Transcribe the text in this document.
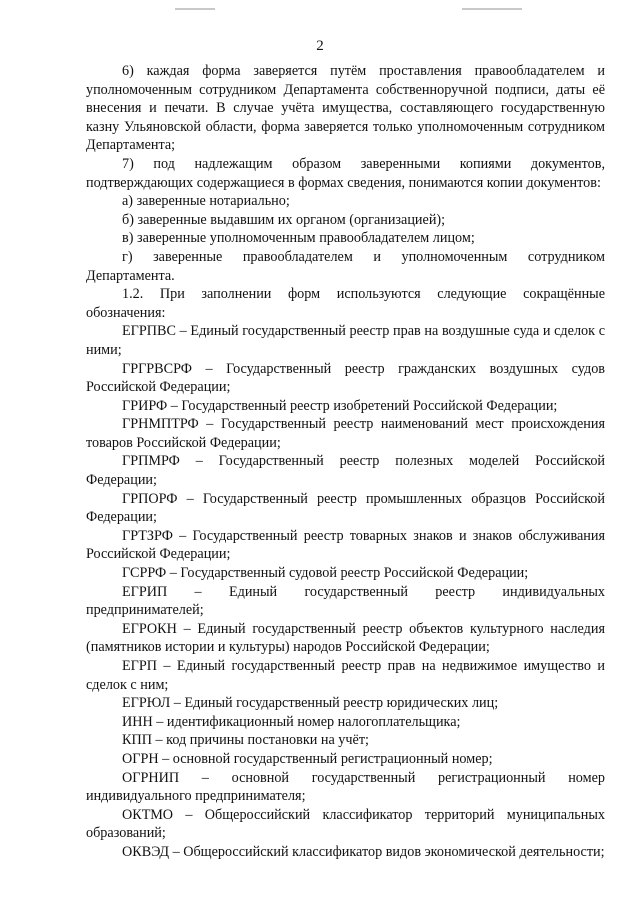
2

6) каждая форма заверяется путём проставления правообладателем и уполномоченным сотрудником Департамента собственноручной подписи, даты её внесения и печати. В случае учёта имущества, составляющего государственную казну Ульяновской области, форма заверяется только уполномоченным сотрудником Департамента;

7) под надлежащим образом заверенными копиями документов, подтверждающих содержащиеся в формах сведения, понимаются копии документов:

а) заверенные нотариально;

б) заверенные выдавшим их органом (организацией);

в) заверенные уполномоченным правообладателем лицом;

г) заверенные правообладателем и уполномоченным сотрудником Департамента.

1.2. При заполнении форм используются следующие сокращённые обозначения:

ЕГРПВС – Единый государственный реестр прав на воздушные суда и сделок с ними;

ГРГРВСРФ – Государственный реестр гражданских воздушных судов Российской Федерации;

ГРИРФ – Государственный реестр изобретений Российской Федерации;

ГРНМПТРФ – Государственный реестр наименований мест происхождения товаров Российской Федерации;

ГРПМРФ – Государственный реестр полезных моделей Российской Федерации;

ГРПОРФ – Государственный реестр промышленных образцов Российской Федерации;

ГРТЗРФ – Государственный реестр товарных знаков и знаков обслуживания Российской Федерации;

ГСРРФ – Государственный судовой реестр Российской Федерации;

ЕГРИП – Единый государственный реестр индивидуальных предпринимателей;

ЕГРОКН – Единый государственный реестр объектов культурного наследия (памятников истории и культуры) народов Российской Федерации;

ЕГРП – Единый государственный реестр прав на недвижимое имущество и сделок с ним;

ЕГРЮЛ – Единый государственный реестр юридических лиц;

ИНН – идентификационный номер налогоплательщика;

КПП – код причины постановки на учёт;

ОГРН – основной государственный регистрационный номер;

ОГРНИП – основной государственный регистрационный номер индивидуального предпринимателя;

ОКТМО – Общероссийский классификатор территорий муниципальных образований;

ОКВЭД – Общероссийский классификатор видов экономической деятельности;
